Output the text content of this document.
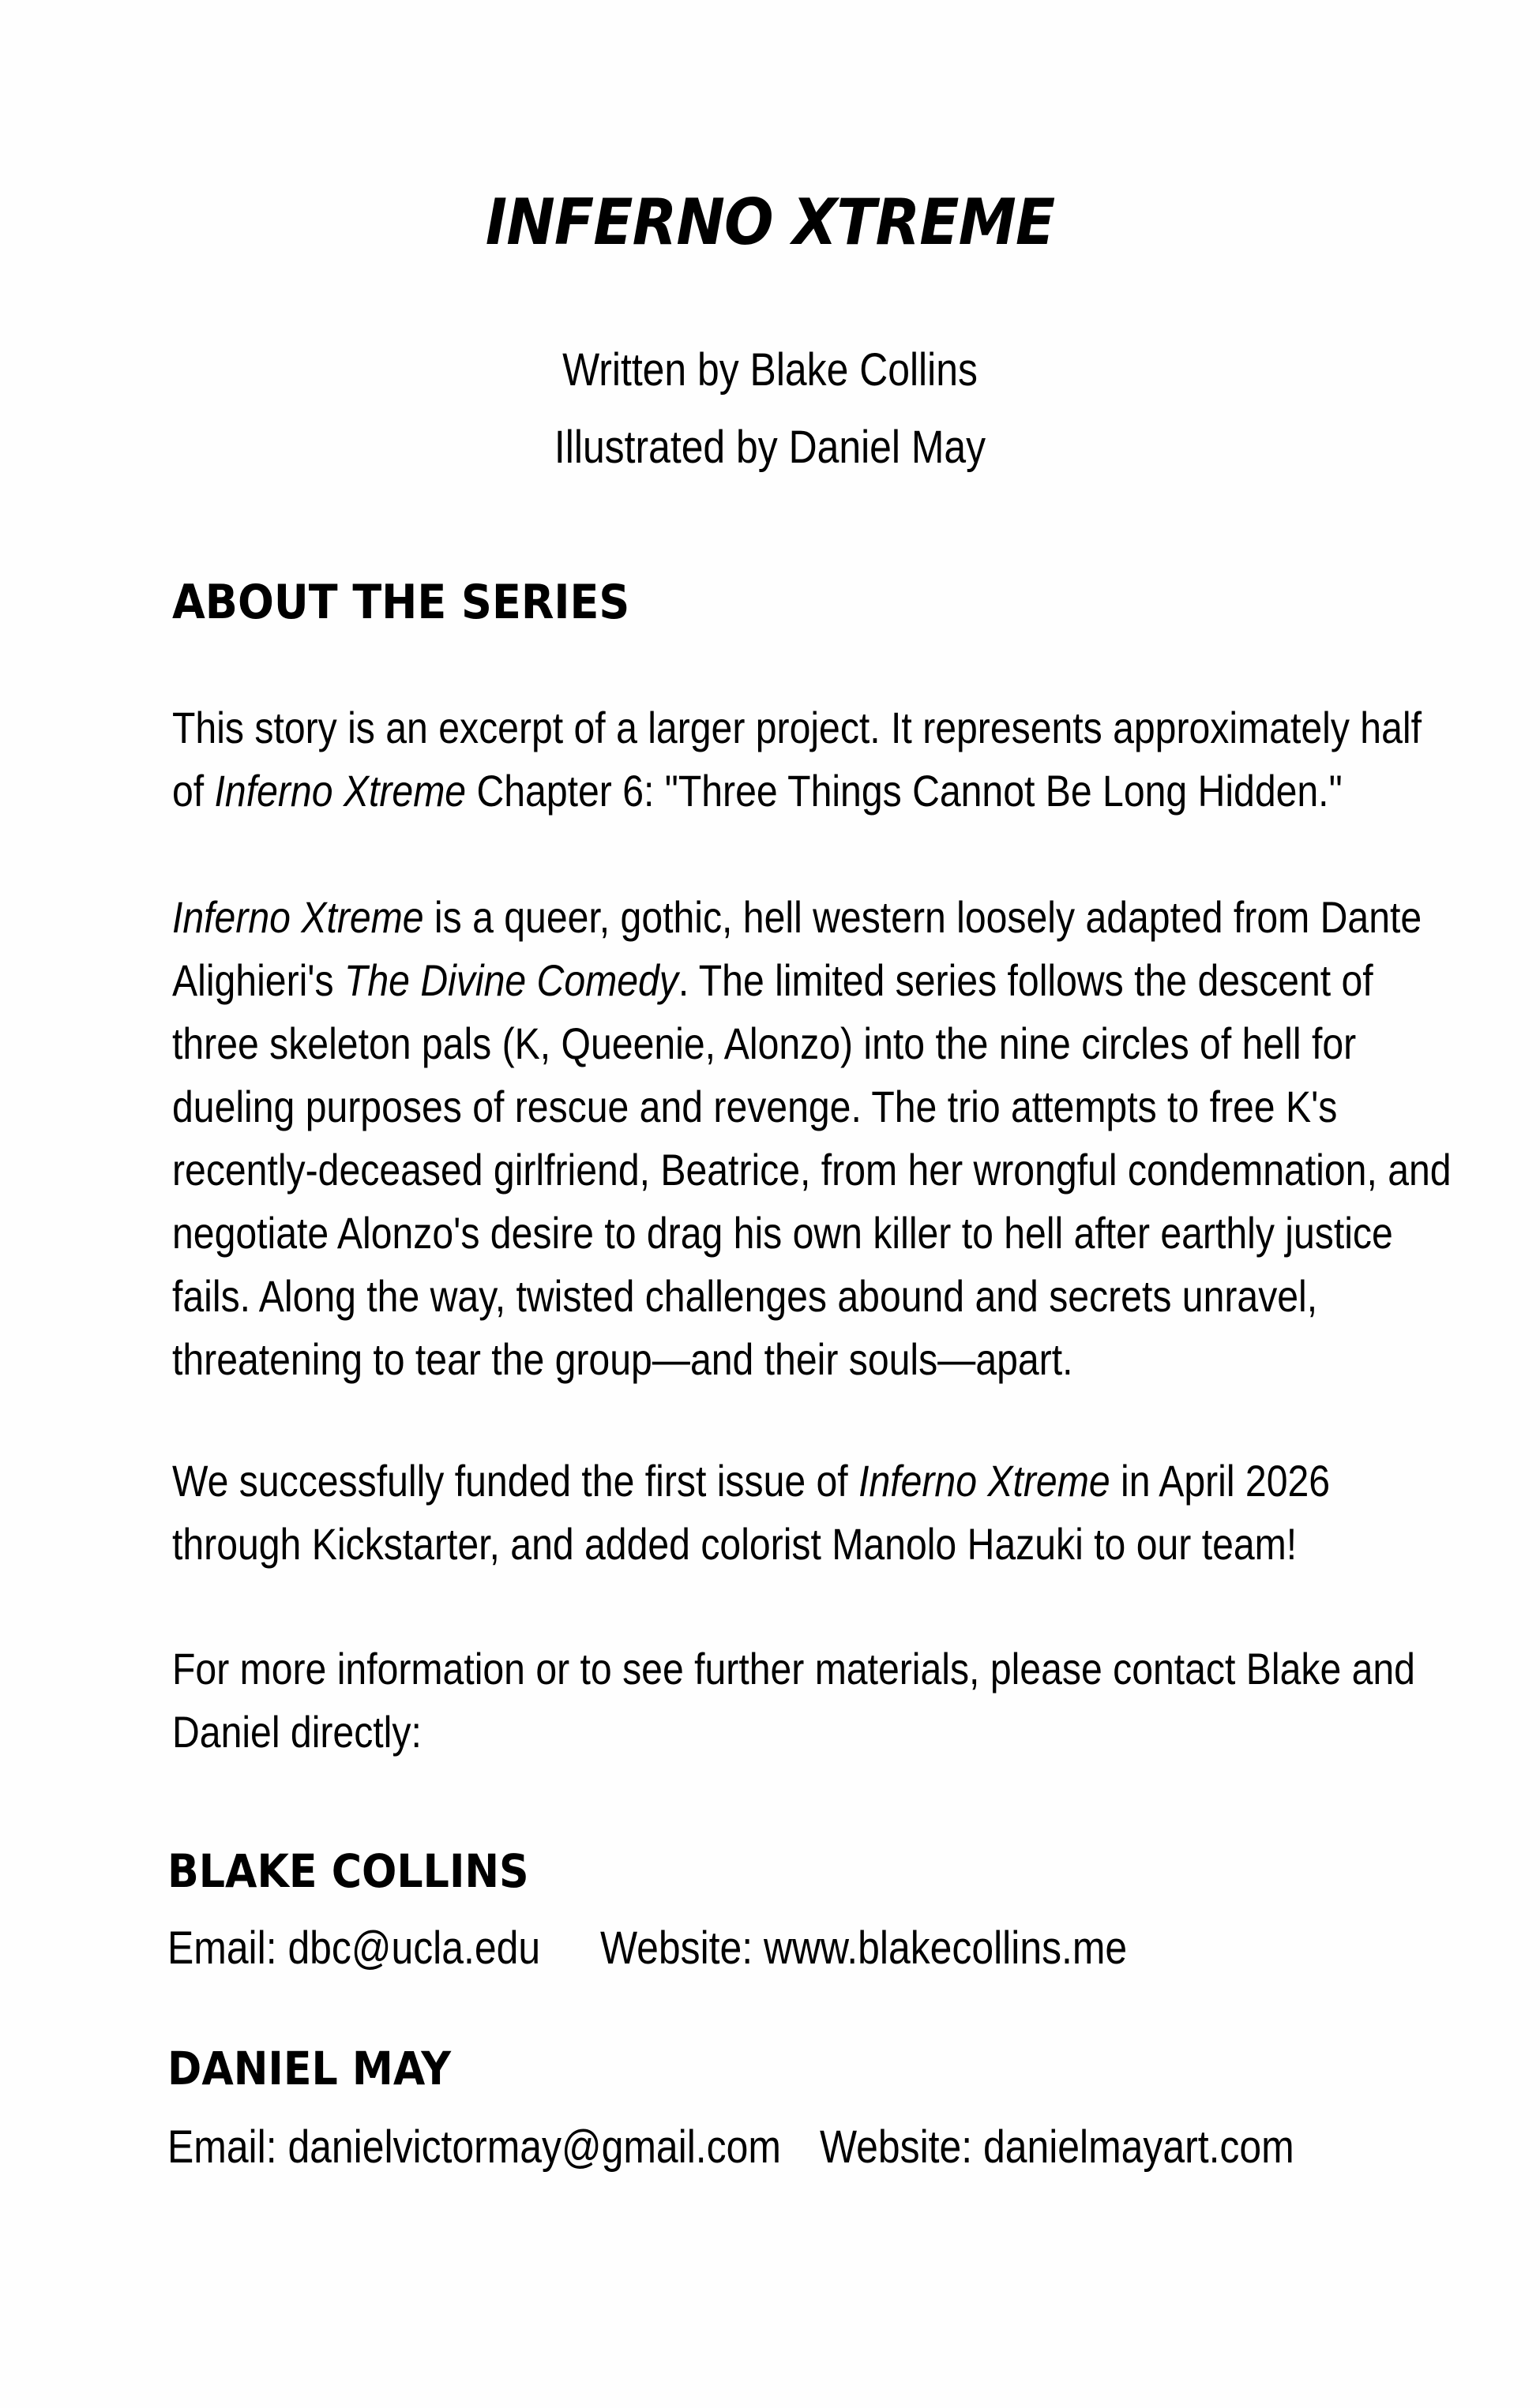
INFERNO XTREME
Written by Blake Collins
Illustrated by Daniel May
ABOUT THE SERIES
This story is an excerpt of a larger project. It represents approximately half
of Inferno Xtreme Chapter 6: "Three Things Cannot Be Long Hidden."
Inferno Xtreme is a queer, gothic, hell western loosely adapted from Dante
Alighieri's The Divine Comedy. The limited series follows the descent of
three skeleton pals (K, Queenie, Alonzo) into the nine circles of hell for
dueling purposes of rescue and revenge. The trio attempts to free K's
recently-deceased girlfriend, Beatrice, from her wrongful condemnation, and
negotiate Alonzo's desire to drag his own killer to hell after earthly justice
fails. Along the way, twisted challenges abound and secrets unravel,
threatening to tear the group—and their souls—apart.
We successfully funded the first issue of Inferno Xtreme in April 2026
through Kickstarter, and added colorist Manolo Hazuki to our team!
For more information or to see further materials, please contact Blake and
Daniel directly:
BLAKE COLLINS
Email: dbc@ucla.edu Website: www.blakecollins.me
DANIEL MAY
Email: danielvictormay@gmail.com Website: danielmayart.com
